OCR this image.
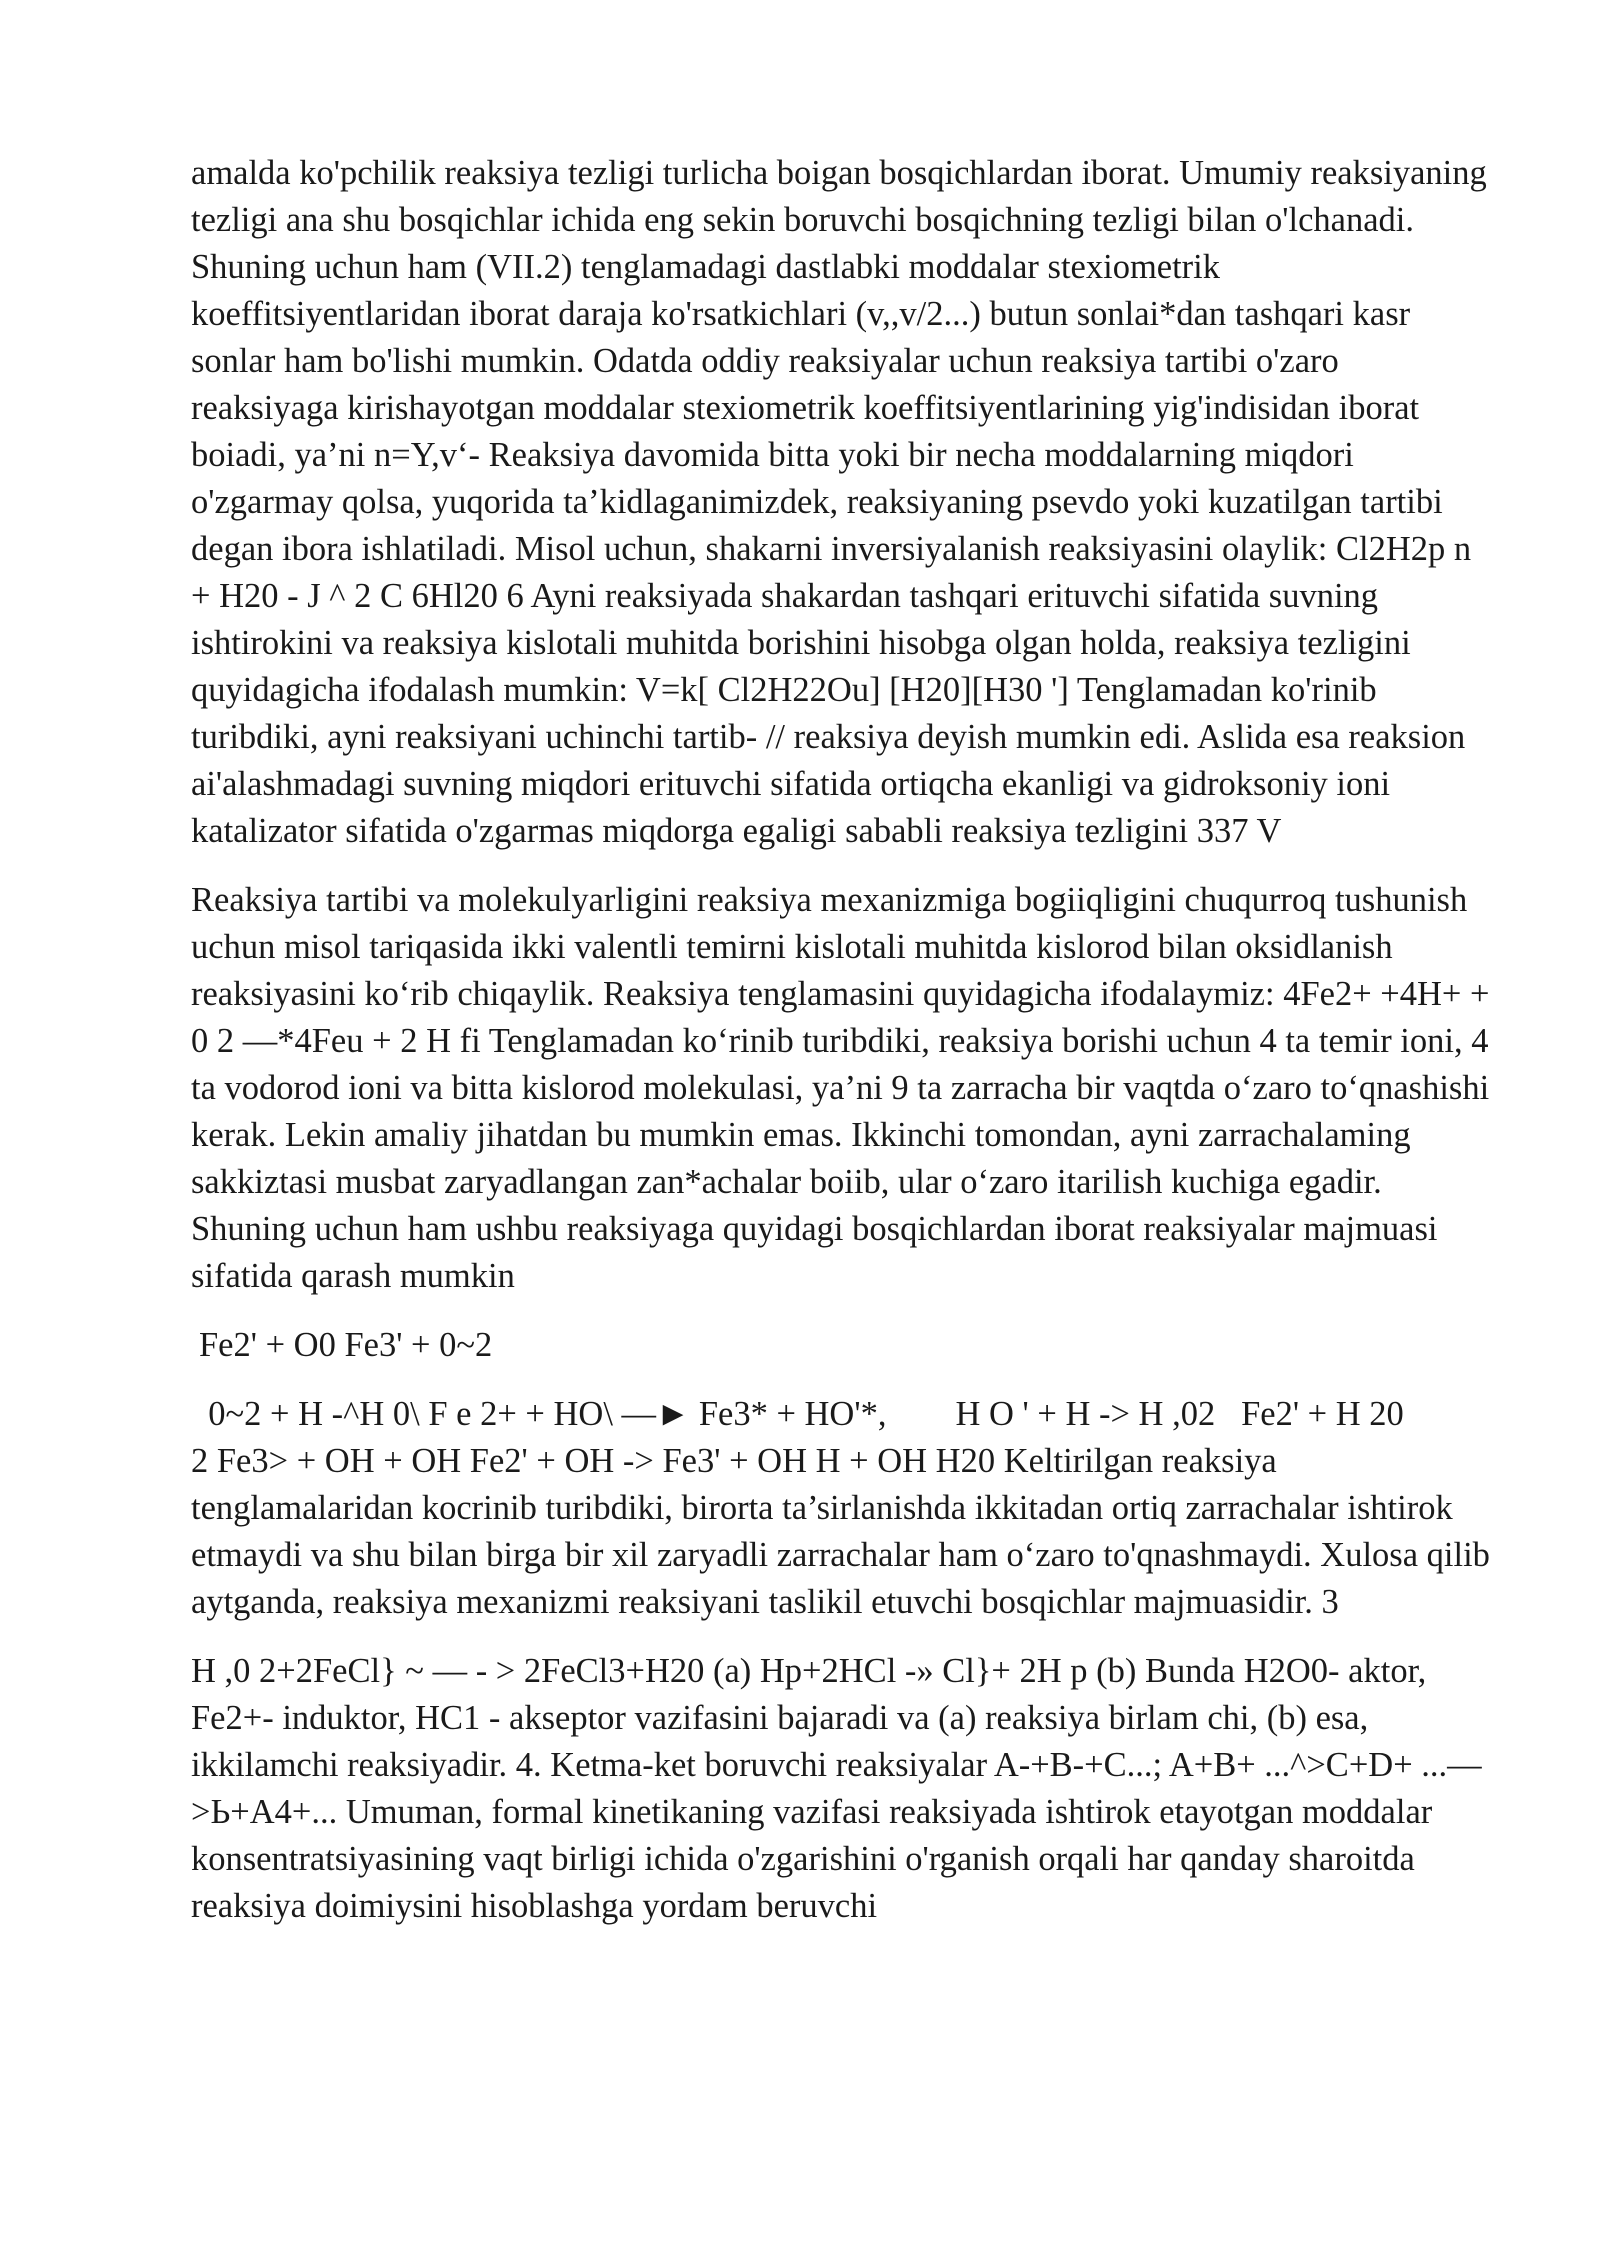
amalda ko'pchilik reaksiya tezligi turlicha boigan bosqichlardan iborat. Umumiy reaksiyaning tezligi ana shu bosqichlar ichida eng sekin boruvchi bosqichning tezligi bilan o'lchanadi. Shuning uchun ham (VII.2) tenglamadagi dastlabki moddalar stexiometrik koeffitsiyentlaridan iborat daraja ko'rsatkichlari (v,,v/2...) butun sonlai*dan tashqari kasr sonlar ham bo'lishi mumkin. Odatda oddiy reaksiyalar uchun reaksiya tartibi o'zaro reaksiyaga kirishayotgan moddalar stexiometrik koeffitsiyentlarining yig'indisidan iborat boiadi, ya’ni n=Y,v‘- Reaksiya davomida bitta yoki bir necha moddalarning miqdori o'zgarmay qolsa, yuqorida ta’kidlaganimizdek, reaksiyaning psevdo yoki kuzatilgan tartibi degan ibora ishlatiladi. Misol uchun, shakarni inversiyalanish reaksiyasini olaylik: Cl2H2p n + H20 - J ^ 2 C 6Hl20 6 Ayni reaksiyada shakardan tashqari erituvchi sifatida suvning ishtirokini va reaksiya kislotali muhitda borishini hisobga olgan holda, reaksiya tezligini quyidagicha ifodalash mumkin: V=k[ Cl2H22Ou] [H20][H30 '] Tenglamadan ko'rinib turibdiki, ayni reaksiyani uchinchi tartib- // reaksiya deyish mumkin edi. Aslida esa reaksion ai'alashmadagi suvning miqdori erituvchi sifatida ortiqcha ekanligi va gidroksoniy ioni katalizator sifatida o'zgarmas miqdorga egaligi sababli reaksiya tezligini 337 V

Reaksiya tartibi va molekulyarligini reaksiya mexanizmiga bogiiqligini chuqurroq tushunish uchun misol tariqasida ikki valentli temirni kislotali muhitda kislorod bilan oksidlanish reaksiyasini ko‘rib chiqaylik. Reaksiya tenglamasini quyidagicha ifodalaymiz: 4Fe2+ +4H+ + 0 2 —*4Feu + 2 H fi Tenglamadan ko‘rinib turibdiki, reaksiya borishi uchun 4 ta temir ioni, 4 ta vodorod ioni va bitta kislorod molekulasi, ya’ni 9 ta zarracha bir vaqtda o‘zaro to‘qnashishi kerak. Lekin amaliy jihatdan bu mumkin emas. Ikkinchi tomondan, ayni zarrachalaming sakkiztasi musbat zaryadlangan zan*achalar boiib, ular o‘zaro itarilish kuchiga egadir. Shuning uchun ham ushbu reaksiyaga quyidagi bosqichlardan iborat reaksiyalar majmuasi sifatida qarash mumkin

Fe2' + O0 Fe3' + 0~2

0~2 + H -^H 0\ F e 2+ + HO\ —► Fe3* + HO'*,        H O ' + H -> H ,02   Fe2' + H 20          2 Fe3> + OH + OH Fe2' + OH -> Fe3' + OH H + OH H20 Keltirilgan reaksiya tenglamalaridan kocrinib turibdiki, birorta ta’sirlanishda ikkitadan ortiq zarrachalar ishtirok etmaydi va shu bilan birga bir xil zaryadli zarrachalar ham o‘zaro to'qnashmaydi. Xulosa qilib aytganda, reaksiya mexanizmi reaksiyani taslikil etuvchi bosqichlar majmuasidir. 3

H ,0 2+2FeCl} ~ — - > 2FeCl3+H20 (a) Hp+2HCl -» Cl}+ 2H p (b) Bunda H2O0- aktor, Fe2+- induktor, HC1 - akseptor vazifasini bajaradi va (a) reaksiya birlam chi, (b) esa, ikkilamchi reaksiyadir. 4. Ketma-ket boruvchi reaksiyalar A-+B-+C...; A+B+ ...^>C+D+ ...—>Ь+A4+... Umuman, formal kinetikaning vazifasi reaksiyada ishtirok etayotgan moddalar konsentratsiyasining vaqt birligi ichida o'zgarishini o'rganish orqali har qanday sharoitda reaksiya doimiysini hisoblashga yordam beruvchi
